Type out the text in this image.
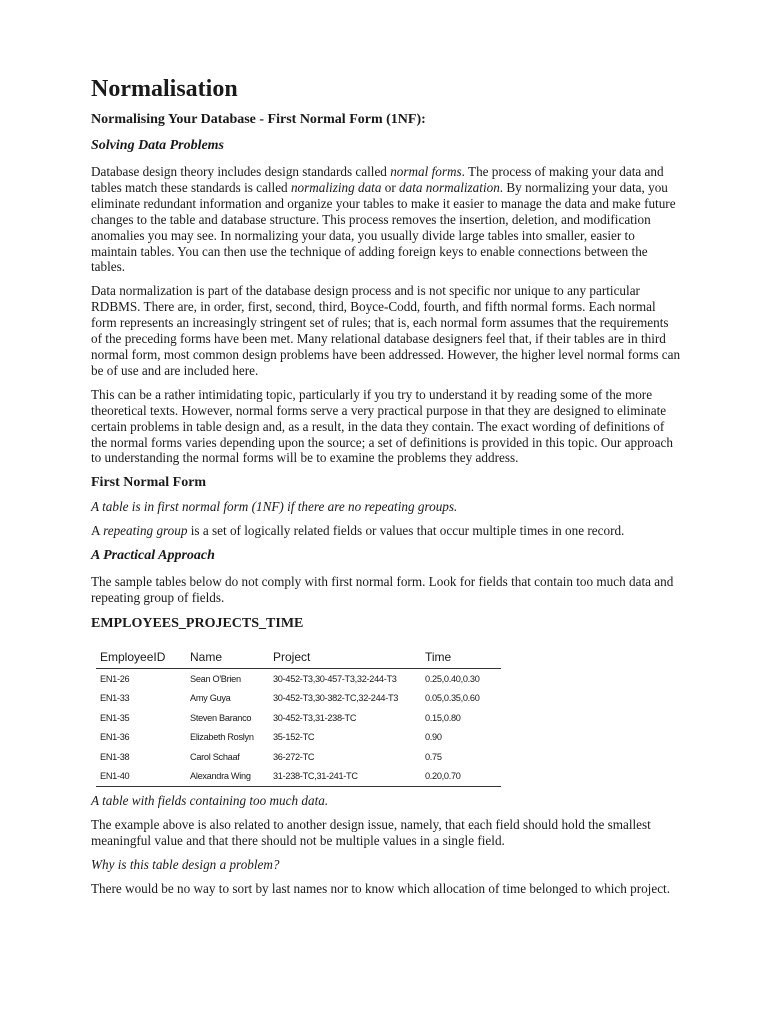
Normalisation
Normalising Your Database - First Normal Form (1NF):
Solving Data Problems

Database design theory includes design standards called normal forms. The process of making your data and tables match these standards is called normalizing data or data normalization. By normalizing your data, you eliminate redundant information and organize your tables to make it easier to manage the data and make future changes to the table and database structure. This process removes the insertion, deletion, and modification anomalies you may see. In normalizing your data, you usually divide large tables into smaller, easier to maintain tables. You can then use the technique of adding foreign keys to enable connections between the tables.

Data normalization is part of the database design process and is not specific nor unique to any particular RDBMS. There are, in order, first, second, third, Boyce-Codd, fourth, and fifth normal forms. Each normal form represents an increasingly stringent set of rules; that is, each normal form assumes that the requirements of the preceding forms have been met. Many relational database designers feel that, if their tables are in third normal form, most common design problems have been addressed. However, the higher level normal forms can be of use and are included here.

This can be a rather intimidating topic, particularly if you try to understand it by reading some of the more theoretical texts. However, normal forms serve a very practical purpose in that they are designed to eliminate certain problems in table design and, as a result, in the data they contain. The exact wording of definitions of the normal forms varies depending upon the source; a set of definitions is provided in this topic. Our approach to understanding the normal forms will be to examine the problems they address.

First Normal Form

A table is in first normal form (1NF) if there are no repeating groups.

A repeating group is a set of logically related fields or values that occur multiple times in one record.

A Practical Approach

The sample tables below do not comply with first normal form. Look for fields that contain too much data and repeating group of fields.

EMPLOYEES_PROJECTS_TIME
EmployeeID	Name	Project	Time
EN1-26	Sean O'Brien	30-452-T3,30-457-T3,32-244-T3	0.25,0.40,0.30
EN1-33	Amy Guya	30-452-T3,30-382-TC,32-244-T3	0.05,0.35,0.60
EN1-35	Steven Baranco	30-452-T3,31-238-TC	0.15,0.80
EN1-36	Elizabeth Roslyn	35-152-TC	0.90
EN1-38	Carol Schaaf	36-272-TC	0.75
EN1-40	Alexandra Wing	31-238-TC,31-241-TC	0.20,0.70

A table with fields containing too much data.

The example above is also related to another design issue, namely, that each field should hold the smallest meaningful value and that there should not be multiple values in a single field.

Why is this table design a problem?

There would be no way to sort by last names nor to know which allocation of time belonged to which project.
